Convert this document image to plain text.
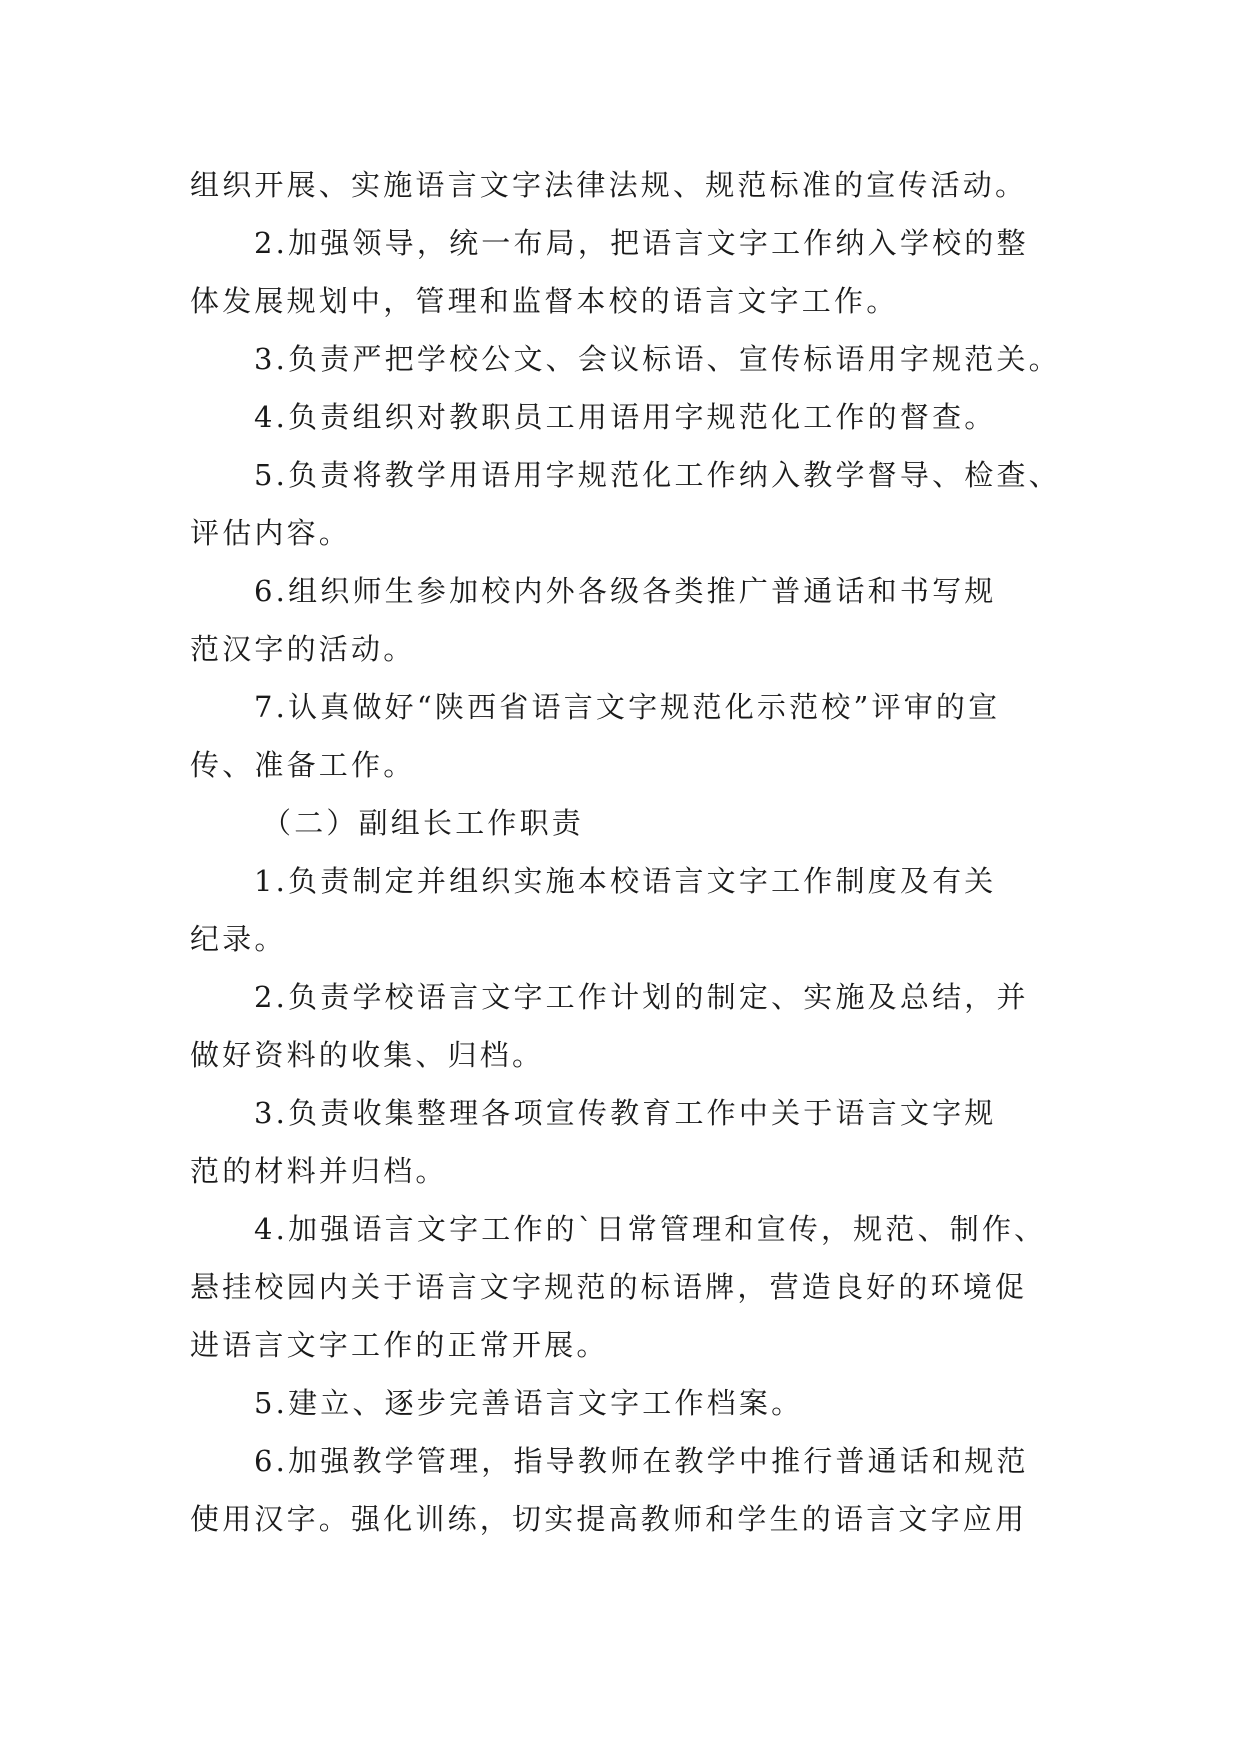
组织开展、实施语言文字法律法规、规范标准的宣传活动。
2.加强领导，统一布局，把语言文字工作纳入学校的整
体发展规划中，管理和监督本校的语言文字工作。
3.负责严把学校公文、会议标语、宣传标语用字规范关。
4.负责组织对教职员工用语用字规范化工作的督查。
5.负责将教学用语用字规范化工作纳入教学督导、检查、
评估内容。
6.组织师生参加校内外各级各类推广普通话和书写规
范汉字的活动。
7.认真做好“陕西省语言文字规范化示范校”评审的宣
传、准备工作。
（二）副组长工作职责
1.负责制定并组织实施本校语言文字工作制度及有关
纪录。
2.负责学校语言文字工作计划的制定、实施及总结，并
做好资料的收集、归档。
3.负责收集整理各项宣传教育工作中关于语言文字规
范的材料并归档。
4.加强语言文字工作的`日常管理和宣传，规范、制作、
悬挂校园内关于语言文字规范的标语牌，营造良好的环境促
进语言文字工作的正常开展。
5.建立、逐步完善语言文字工作档案。
6.加强教学管理，指导教师在教学中推行普通话和规范
使用汉字。强化训练，切实提高教师和学生的语言文字应用
